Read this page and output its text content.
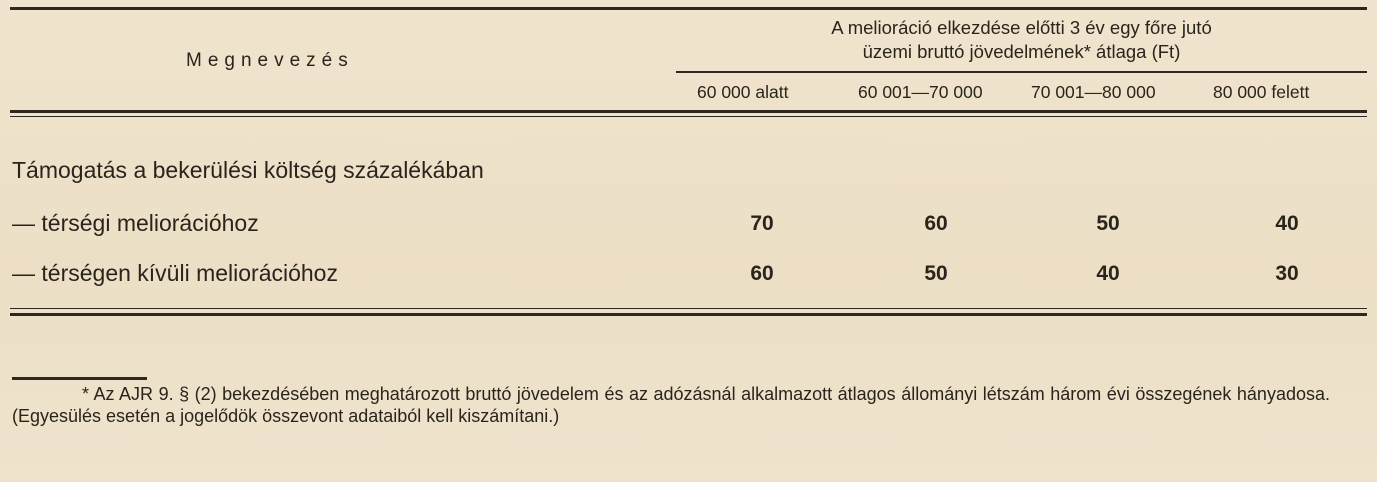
Megnevezés
A melioráció elkezdése előtti 3 év egy főre jutó
üzemi bruttó jövedelmének* átlaga (Ft)
60 000 alatt	60 001—70 000	70 001—80 000	80 000 felett
Támogatás a bekerülési költség százalékában
— térségi meliorációhoz	70	60	50	40
— térségen kívüli meliorációhoz	60	50	40	30
* Az AJR 9. § (2) bekezdésében meghatározott bruttó jövedelem és az adózásnál alkalmazott átlagos állományi létszám három évi összegének hányadosa. (Egyesülés esetén a jogelődök összevont adataiból kell kiszámítani.)
